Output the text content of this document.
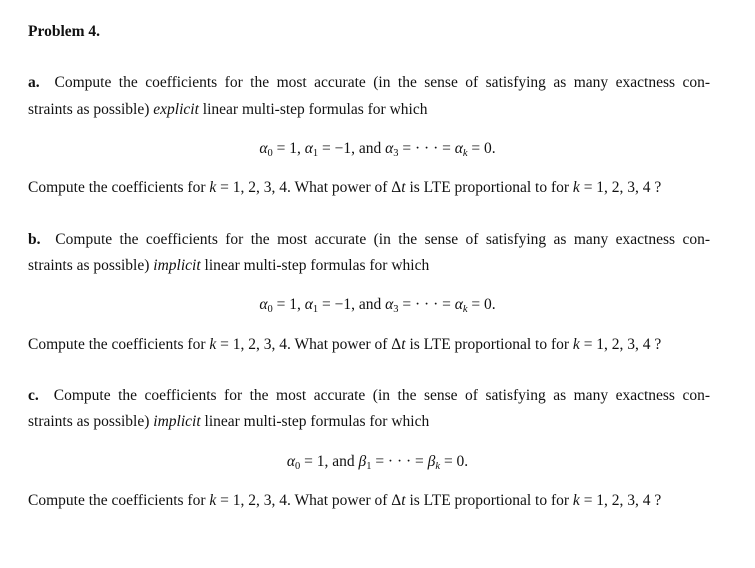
Problem 4.
a. Compute the coefficients for the most accurate (in the sense of satisfying as many exactness con-
straints as possible) explicit linear multi-step formulas for which
$\alpha_0 = 1$, $\alpha_1 = -1$, and $\alpha_3$ = · · · = $\alpha_k = 0$.
Compute the coefficients for k = 1, 2, 3, 4. What power of Δt is LTE proportional to for k = 1, 2, 3, 4 ?
b. Compute the coefficients for the most accurate (in the sense of satisfying as many exactness con-
straints as possible) implicit linear multi-step formulas for which
$\alpha_0 = 1$, $\alpha_1 = -1$, and $\alpha_3$ = · · · = $\alpha_k = 0$.
Compute the coefficients for k = 1, 2, 3, 4. What power of Δt is LTE proportional to for k = 1, 2, 3, 4 ?
c. Compute the coefficients for the most accurate (in the sense of satisfying as many exactness con-
straints as possible) implicit linear multi-step formulas for which
$\alpha_0 = 1$, and $\beta_1$ = · · · = $\beta_k = 0$.
Compute the coefficients for k = 1, 2, 3, 4. What power of Δt is LTE proportional to for k = 1, 2, 3, 4 ?
